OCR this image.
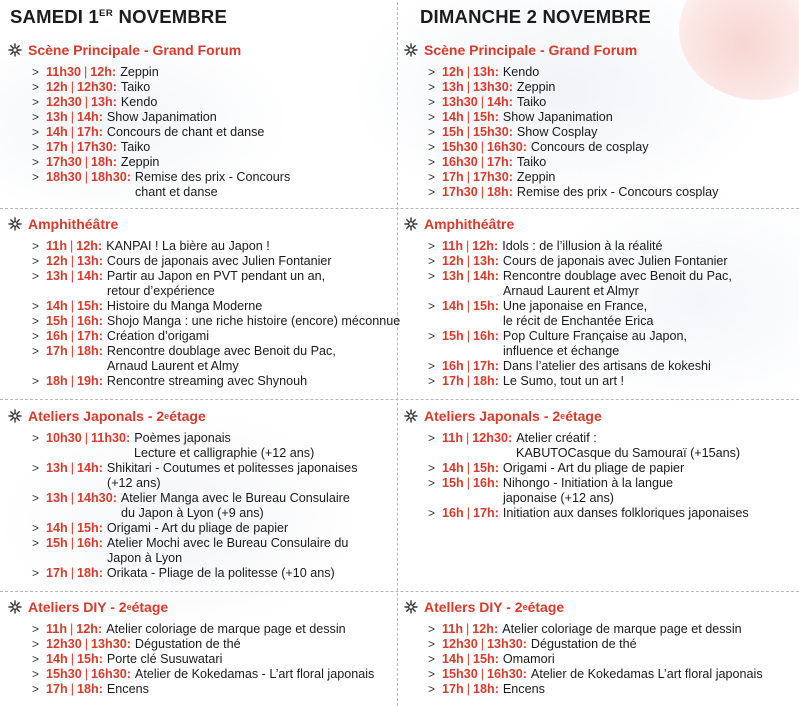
SAMEDI 1ER NOVEMBRE
Scène Principale - Grand Forum
> 11h30 | 12h: Zeppin
> 12h | 12h30: Taiko
> 12h30 | 13h: Kendo
> 13h | 14h: Show Japanimation
> 14h | 17h: Concours de chant et danse
> 17h | 17h30: Taiko
> 17h30 | 18h: Zeppin
> 18h30 | 18h30: Remise des prix - Concours
chant et danse
Amphithéâtre
> 11h | 12h: KANPAI ! La bière au Japon !
> 12h | 13h: Cours de japonais avec Julien Fontanier
> 13h | 14h: Partir au Japon en PVT pendant un an,
retour d’expérience
> 14h | 15h: Histoire du Manga Moderne
> 15h | 16h: Shojo Manga : une riche histoire (encore) méconnue
> 16h | 17h: Création d’origami
> 17h | 18h: Rencontre doublage avec Benoit du Pac,
Arnaud Laurent et Almy
> 18h | 19h: Rencontre streaming avec Shynouh
Ateliers Japonals - 2 e étage
> 10h30 | 11h30: Poèmes japonais
Lecture et calligraphie (+12 ans)
> 13h | 14h: Shikitari - Coutumes et politesses japonaises
(+12 ans)
> 13h | 14h30: Atelier Manga avec le Bureau Consulaire
du Japon à Lyon (+9 ans)
> 14h | 15h: Origami - Art du pliage de papier
> 15h | 16h: Atelier Mochi avec le Bureau Consulaire du
Japon à Lyon
> 17h | 18h: Orikata - Pliage de la politesse (+10 ans)
Ateliers DIY - 2 e étage
> 11h | 12h: Atelier coloriage de marque page et dessin
> 12h30 | 13h30: Dégustation de thé
> 14h | 15h: Porte clé Susuwatari
> 15h30 | 16h30: Atelier de Kokedamas - L’art floral japonais
> 17h | 18h: Encens
DIMANCHE 2 NOVEMBRE
Scène Principale - Grand Forum
> 12h | 13h: Kendo
> 13h | 13h30: Zeppin
> 13h30 | 14h: Taiko
> 14h | 15h: Show Japanimation
> 15h | 15h30: Show Cosplay
> 15h30 | 16h30: Concours de cosplay
> 16h30 | 17h: Taiko
> 17h | 17h30: Zeppin
> 17h30 | 18h: Remise des prix - Concours cosplay
Amphithéâtre
> 11h | 12h: Idols : de l’illusion à la réalité
> 12h | 13h: Cours de japonais avec Julien Fontanier
> 13h | 14h: Rencontre doublage avec Benoit du Pac,
Arnaud Laurent et Almyr
> 14h | 15h: Une japonaise en France,
le récit de Enchantée Erica
> 15h | 16h: Pop Culture Française au Japon,
influence et échange
> 16h | 17h: Dans l’atelier des artisans de kokeshi
> 17h | 18h: Le Sumo, tout un art !
Ateliers Japonals - 2 e étage
> 11h | 12h30: Atelier créatif :
KABUTOCasque du Samouraï (+15ans)
> 14h | 15h: Origami - Art du pliage de papier
> 15h | 16h: Nihongo - Initiation à la langue
japonaise (+12 ans)
> 16h | 17h: Initiation aux danses folkloriques japonaises
Atellers DIY - 2 e étage
> 11h | 12h: Atelier coloriage de marque page et dessin
> 12h30 | 13h30: Dégustation de thé
> 14h | 15h: Omamori
> 15h30 | 16h30: Atelier de Kokedamas L’art floral japonais
> 17h | 18h: Encens
